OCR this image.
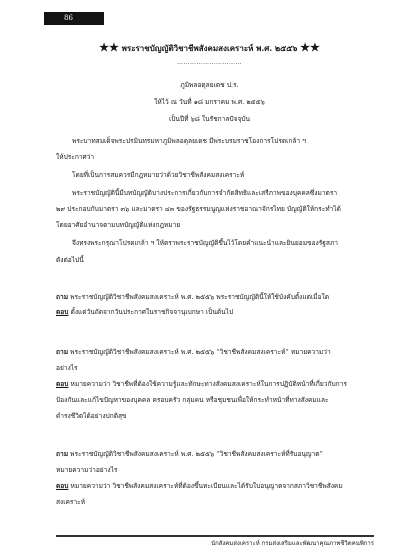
86
★★ พระราชบัญญัติวิชาชีพสังคมสงเคราะห์ พ.ศ. ๒๕๕๖ ★★
…………………………
ภูมิพลอดุลยเดช ป.ร.
ให้ไว้ ณ วันที่ ๑๘ มกราคม พ.ศ. ๒๕๕๖
เป็นปีที่ ๖๘ ในรัชกาลปัจจุบัน
พระบาทสมเด็จพระปรมินทรมหาภูมิพลอดุลยเดช มีพระบรมราชโองการโปรดเกล้า ฯ
ให้ประกาศว่า
โดยที่เป็นการสมควรมีกฎหมายว่าด้วยวิชาชีพสังคมสงเคราะห์
พระราชบัญญัตินี้มีบทบัญญัติบางประการเกี่ยวกับการจำกัดสิทธิและเสรีภาพของบุคคลซึ่งมาตรา
๒๙ ประกอบกับมาตรา ๓๖ และมาตรา ๔๓ ของรัฐธรรมนูญแห่งราชอาณาจักรไทย บัญญัติให้กระทำได้
โดยอาศัยอำนาจตามบทบัญญัติแห่งกฎหมาย
จึงทรงพระกรุณาโปรดเกล้า ฯ ให้ตราพระราชบัญญัติขึ้นไว้โดยคำแนะนำและยินยอมของรัฐสภา
ดังต่อไปนี้
ถาม พระราชบัญญัติวิชาชีพสังคมสงเคราะห์ พ.ศ. ๒๕๕๖ พระราชบัญญัตินี้ให้ใช้บังคับตั้งแต่เมื่อใด
ตอบ ตั้งแต่วันถัดจากวันประกาศในราชกิจจานุเบกษา เป็นต้นไป
ถาม พระราชบัญญัติวิชาชีพสังคมสงเคราะห์ พ.ศ. ๒๕๕๖ “วิชาชีพสังคมสงเคราะห์” หมายความว่า
อย่างไร
ตอบ หมายความว่า วิชาชีพที่ต้องใช้ความรู้และทักษะทางสังคมสงเคราะห์ในการปฏิบัติหน้าที่เกี่ยวกับการ
ป้องกันและแก้ไขปัญหาของบุคคล ครอบครัว กลุ่มคน หรือชุมชนเพื่อให้กระทำหน้าที่ทางสังคมและ
ดำรงชีวิตได้อย่างปกติสุข
ถาม พระราชบัญญัติวิชาชีพสังคมสงเคราะห์ พ.ศ. ๒๕๕๖ “วิชาชีพสังคมสงเคราะห์ที่รับอนุญาต”
หมายความว่าอย่างไร
ตอบ หมายความว่า วิชาชีพสังคมสงเคราะห์ที่ต้องขึ้นทะเบียนและได้รับใบอนุญาตจากสภาวิชาชีพสังคม
สงเคราะห์
นักสังคมสงเคราะห์ กรมส่งเสริมและพัฒนาคุณภาพชีวิตคนพิการ
